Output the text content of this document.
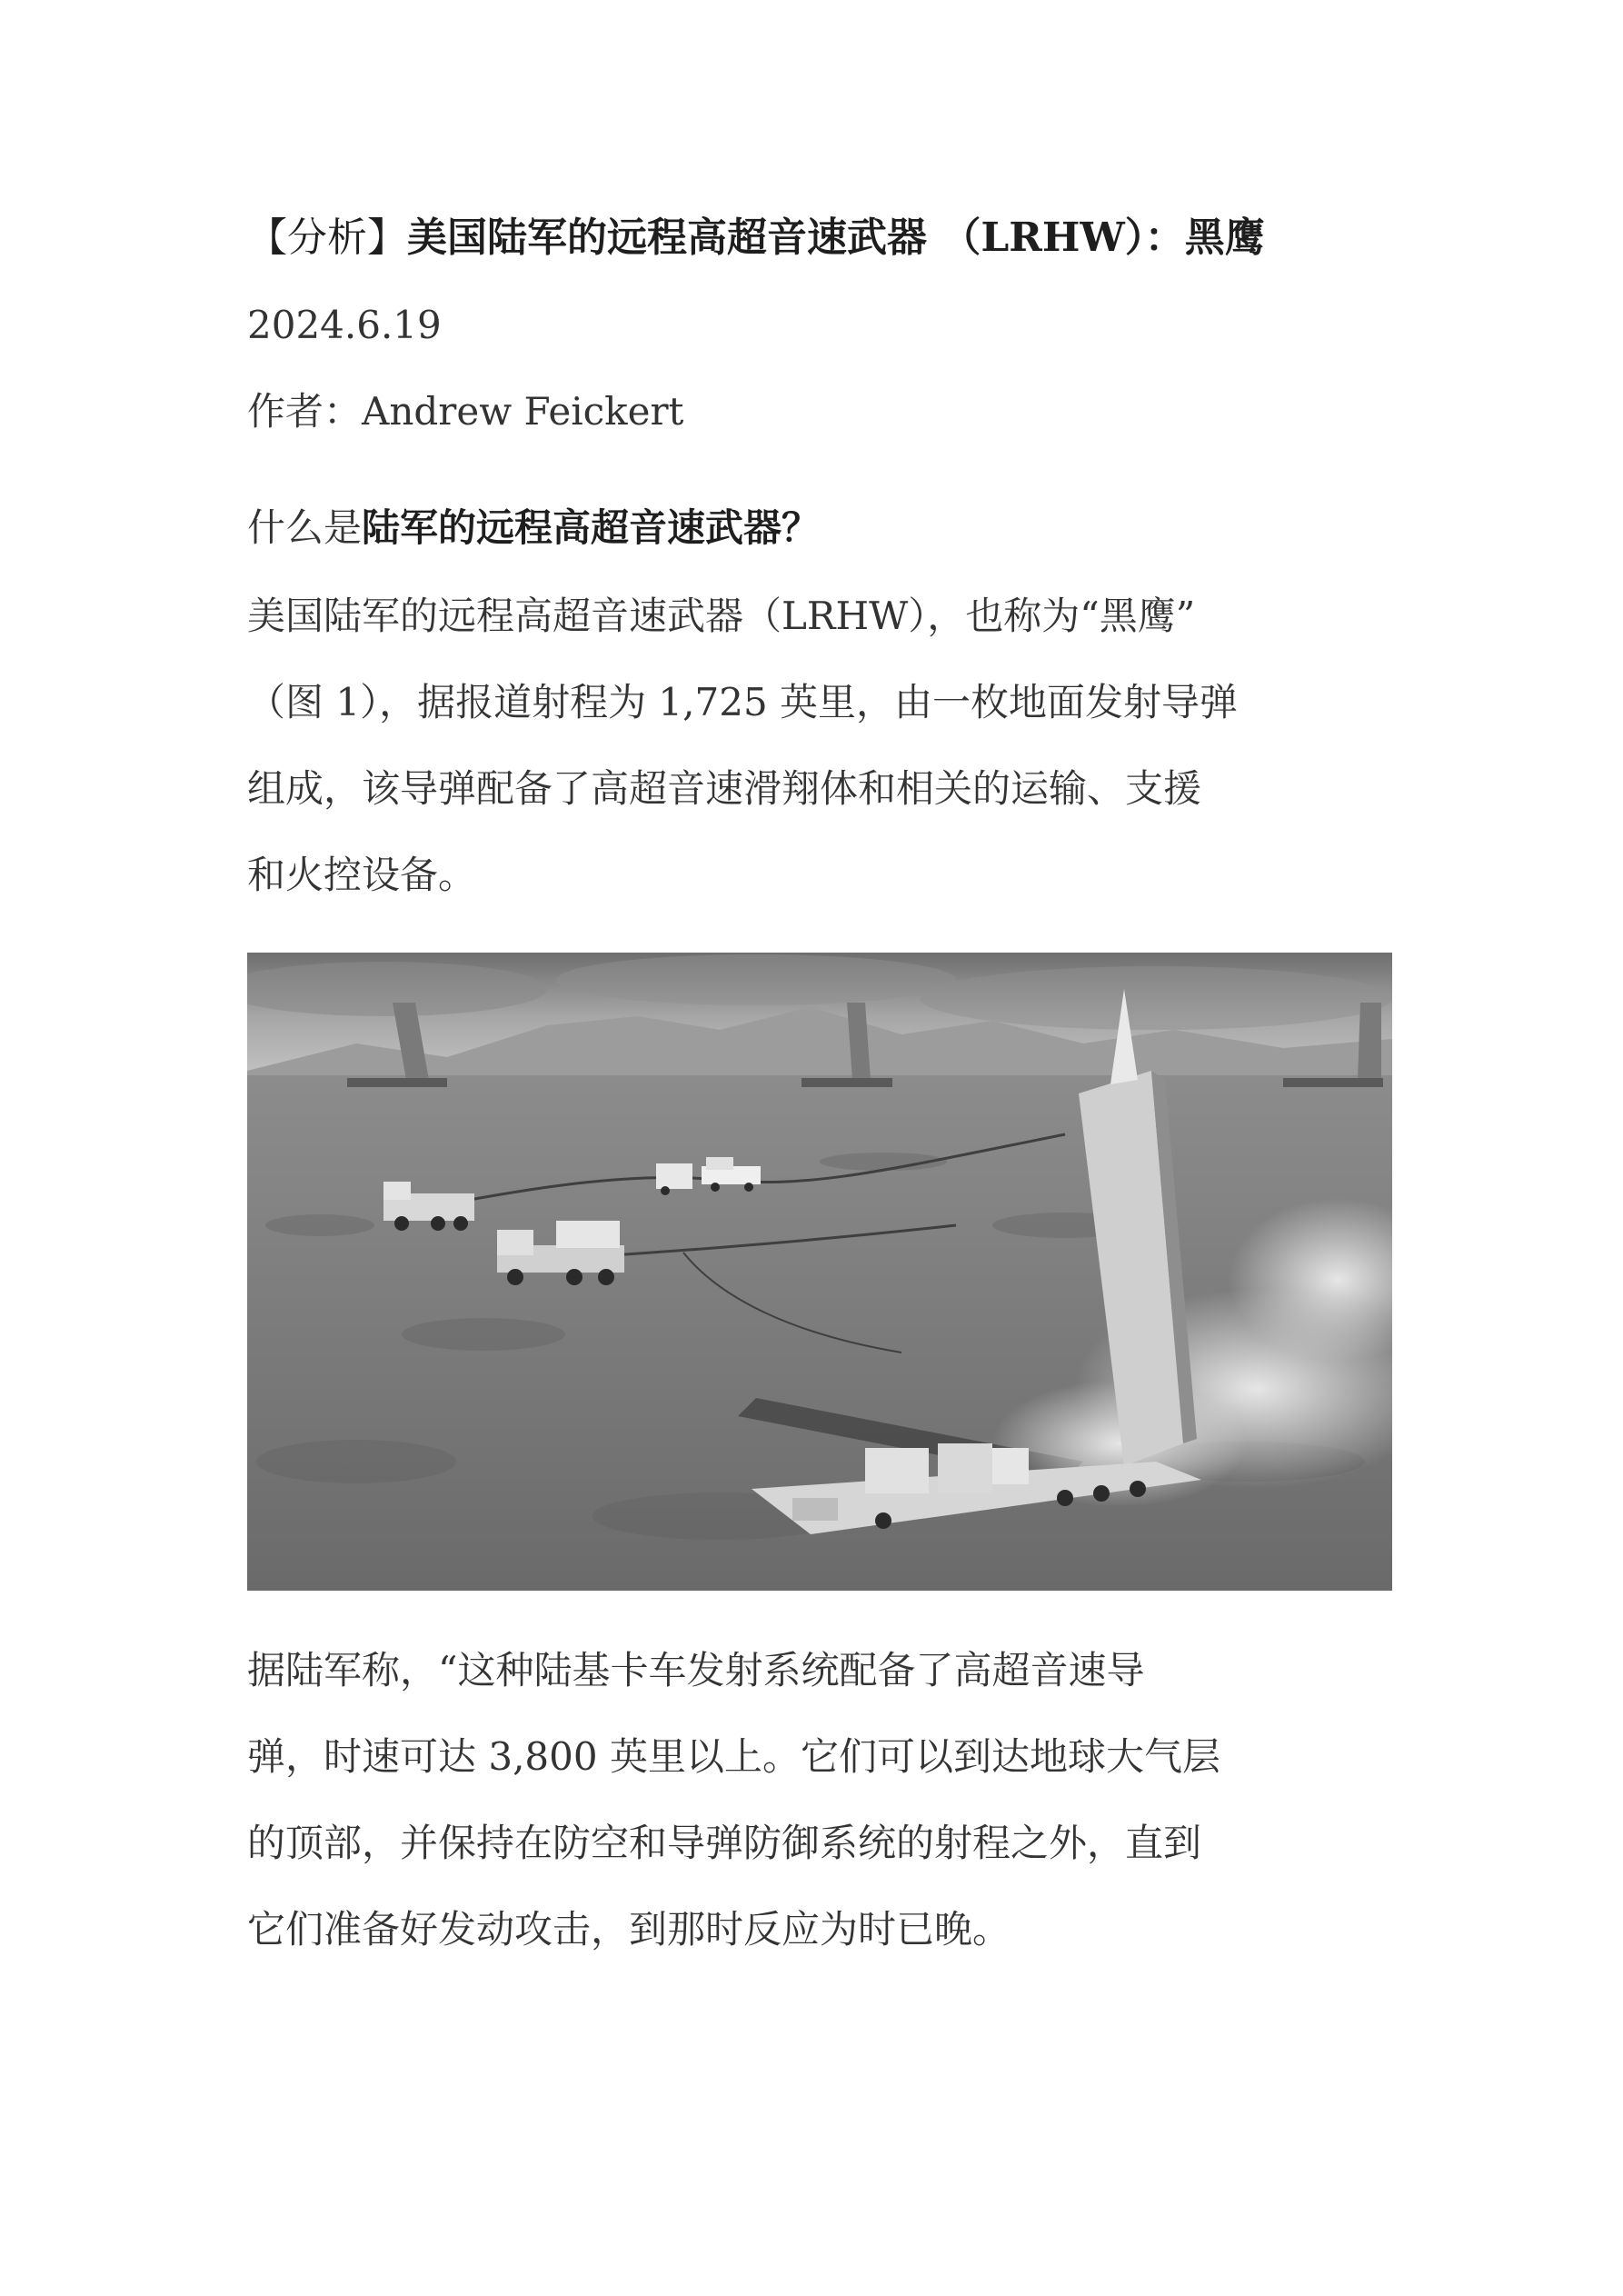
【分析】美国陆军的远程高超音速武器 （LRHW）：黑鹰
2024.6.19
作者：Andrew Feickert
什么是陆军的远程高超音速武器？
美国陆军的远程高超音速武器（LRHW），也称为“黑鹰”
（图 1），据报道射程为 1,725 英里，由一枚地面发射导弹
组成，该导弹配备了高超音速滑翔体和相关的运输、支援
和火控设备。
据陆军称，“这种陆基卡车发射系统配备了高超音速导
弹，时速可达 3,800 英里以上。它们可以到达地球大气层
的顶部，并保持在防空和导弹防御系统的射程之外，直到
它们准备好发动攻击，到那时反应为时已晚。
